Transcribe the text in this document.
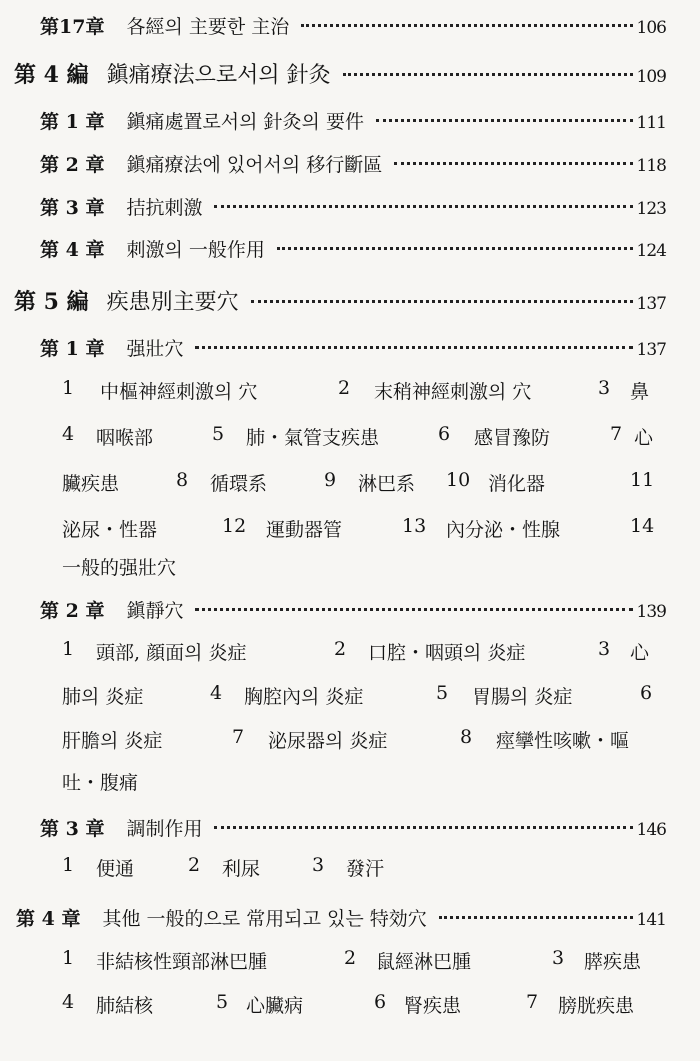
第17章 各經의 主要한 主治	106
第 4 編 鎭痛療法으로서의 針灸	109
第 1 章 鎭痛處置로서의 針灸의 要件	111
第 2 章 鎭痛療法에 있어서의 移行斷區	118
第 3 章 拮抗刺激	123
第 4 章 刺激의 一般作用	124
第 5 編 疾患別主要穴	137
第 1 章 强壯穴	137
1 中樞神經刺激의 穴	2 末稍神經刺激의 穴	3 鼻
4 咽喉部	5 肺・氣管支疾患	6 感冒豫防	7 心
臟疾患	8 循環系	9 淋巴系 10 消化器	11
泌尿・性器	12 運動器管	13 內分泌・性腺	14
一般的强壯穴
第 2 章 鎭靜穴	139
1 頭部, 顔面의 炎症	2 口腔・咽頭의 炎症	3 心
肺의 炎症	4 胸腔內의 炎症	5 胃腸의 炎症	6
肝膽의 炎症	7 泌尿器의 炎症	8 痙攣性咳嗽・嘔
吐・腹痛
第 3 章 調制作用	146
1 便通	2 利尿	3 發汗
第 4 章 其他 一般的으로 常用되고 있는 特効穴	141
1 非結核性頸部淋巴腫	2 鼠經淋巴腫	3 膵疾患
4 肺結核	5 心臟病	6 腎疾患	7 膀胱疾患
